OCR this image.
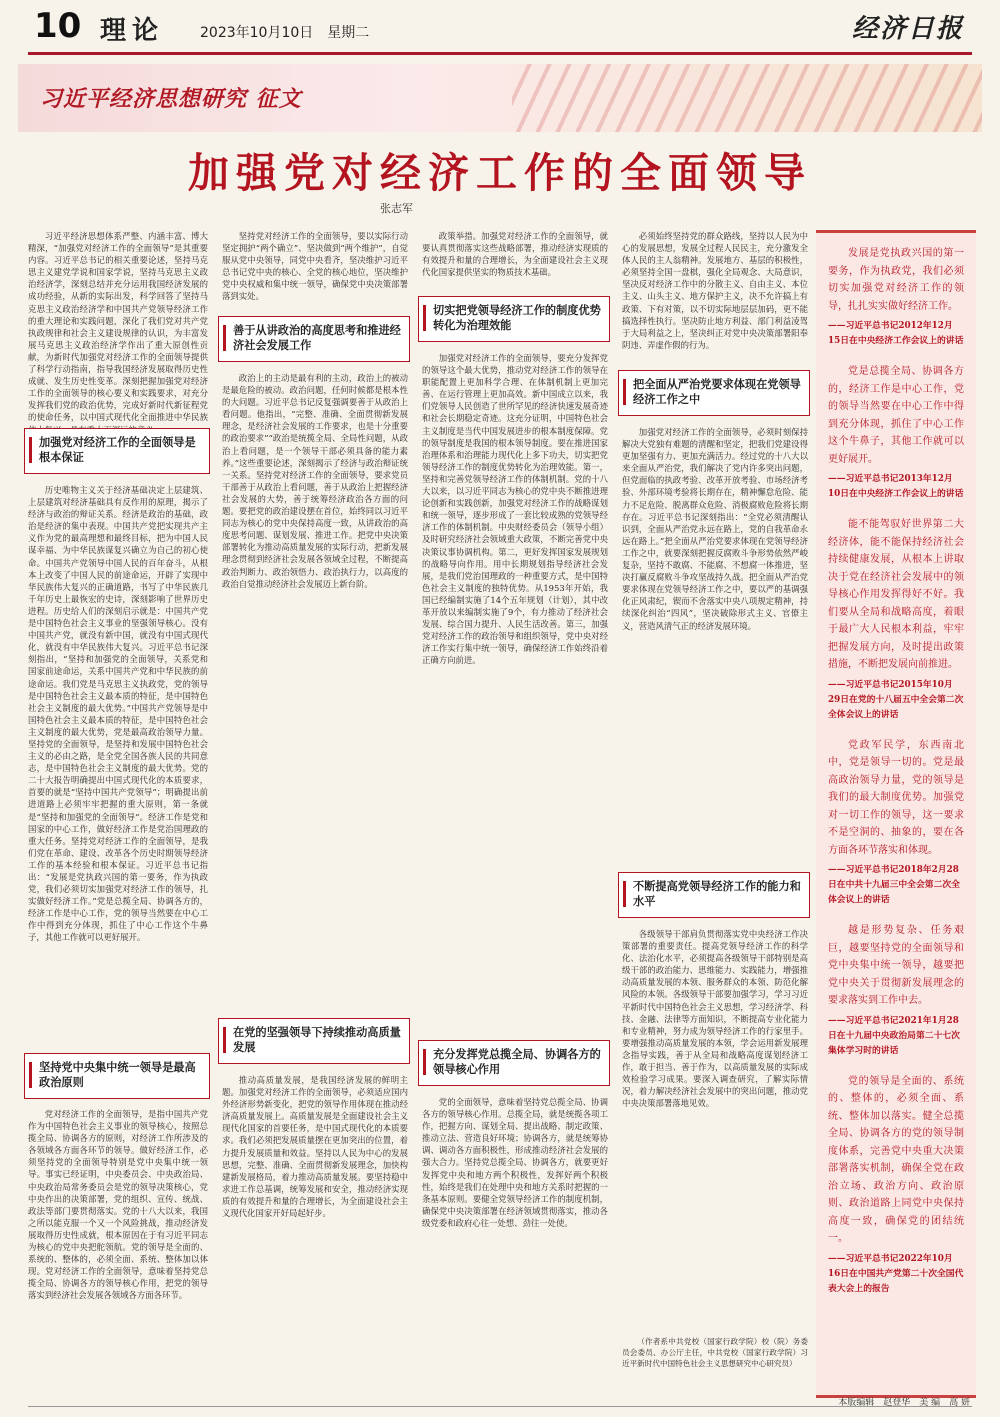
10 理论	2023年10月10日　星期二	经济日报
习近平经济思想研究 征文
加强党对经济工作的全面领导
张志军

习近平经济思想体系严整、内涵丰富、博大精深，“加强党对经济工作的全面领导”是其重要内容。习近平总书记的相关重要论述，坚持马克思主义建党学说和国家学说，坚持马克思主义政治经济学，深刻总结并充分运用我国经济发展的成功经验，从新的实际出发，科学回答了坚持马克思主义政治经济学和中国共产党领导经济工作的重大理论和实践问题，深化了我们党对共产党执政规律和社会主义建设规律的认识，为丰富发展马克思主义政治经济学作出了重大原创性贡献，为新时代加强党对经济工作的全面领导提供了科学行动指南，指导我国经济发展取得历史性成就、发生历史性变革。深刻把握加强党对经济工作的全面领导的核心要义和实践要求，对充分发挥我们党的政治优势，完成好新时代新征程党的使命任务，以中国式现代化全面推进中华民族

加强党对经济工作的全面领导是根本保证

历史唯物主义关于经济基础决定上层建筑、上层建筑对经济基础具有反作用的原理，揭示了经济与政治的辩证关系。经济是政治的基础，政治是经济的集中表现。中国共产党把实现共产主义作为党的最高理想和最终目标，把为中国人民谋幸福、为中华民族谋复兴确立为自己的初心使命。中国共产党领导中国人民的百年奋斗，从根本上改变了中国人民的前途命运，开辟了实现中华民族伟大复兴的正确道路，书写了中华民族几千年历史上最恢宏的史诗，深刻影响了世界历史进程。历史给人们的深刻启示就是：中国共产党是中国特色社会主义事业的坚强领导核心。没有中国共产党，就没有新中国，就没有中国式现代化，就没有中华民族伟大复兴。习近平总书记深刻指出，“坚持和加强党的全面领导，关系党和国家前途命运，关系中国共产党和中华民族的前途命运。我们党是马克思主义执政党，党的领导是中国特色社会主义最本质的特征，是中国特色社会主义制度的最大优势。”中国共产党领导是中国特色社会主义最本质的特征，是中国特色社会主义制度的最大优势，党是最高政治领导力量。坚持党的全面领导，是坚持和发展中国特色社会主义的必由之路，是全党全国各族人民的共同意志，是中国特色社会主义制度的最大优势。党的二十大报告明确提出中国式现代化的本质要求，首要的就是“坚持中国共产党领导”；明确提出前进道路上必须牢牢把握的重大原则，第一条就是“坚持和加强党的全面领导”。经济工作是党和国家的中心工作，做好经济工作是党治国理政的重大任务。坚持党对经济工作的全面领导，是我们党在革命、建设、改革各个历史时期领导经济工作的基本经验和根本保证。习近平总书记指出：“发展是党执政兴国的第一要务，作为执政党，我们必须切实加强党对经济工作的领导，扎实做好经济工作。”党是总揽全局、协调各方的，经济工作是中心工作，党的领导当然要在中心工作中得到充分体现，抓住了中心工作这个牛鼻子，其他工作就可以更好展开。

坚持党中央集中统一领导是最高政治原则

党对经济工作的全面领导，是指中国共产党作为中国特色社会主义事业的领导核心，按照总揽全局、协调各方的原则，对经济工作所涉及的各领域各方面各环节的领导。做好经济工作，必须坚持党的全面领导特别是党中央集中统一领导。事实已经证明，中央委员会、中央政治局、中央政治局常务委员会是党的领导决策核心，党中央作出的决策部署，党的组织、宣传、统战、政法等部门要贯彻落实。党的十八大以来，我国之所以能克服一个又一个风险挑战，推动经济发展取得历史性成就，根本原因在于有习近平同志为核心的党中央把舵领航。党的领导是全面的、系统的、整体的，必须全面、系统、整体加以体现。党对经济工作的全面领导，意味着坚持党总揽全局、协调各方的领导核心作用，把党的领导落实到经济社会发展各领域各方面各环节。

坚持党对经济工作的全面领导，要以实际行动坚定拥护“两个确立”、坚决做到“两个维护”，自觉服从党中央领导，同党中央看齐，坚决维护习近平总书记党中央的核心、全党的核心地位，坚决维护党中央权威和集中统一领导，确保党中央决策部署落到实处。

善于从讲政治的高度思考和推进经济社会发展工作

政治上的主动是最有利的主动，政治上的被动是最危险的被动。政治问题，任何时候都是根本性的大问题。习近平总书记反复强调要善于从政治上看问题。他指出，“完整、准确、全面贯彻新发展理念，是经济社会发展的工作要求，也是十分重要的政治要求”“政治是统揽全局、全局性问题，从政治上看问题，是一个领导干部必须具备的能力素养。”这些重要论述，深刻揭示了经济与政治辩证统一关系。坚持党对经济工作的全面领导，要求党员干部善于从政治上看问题，善于从政治上把握经济社会发展的大势，善于统筹经济政治各方面的问题。要把党的政治建设摆在首位，始终同以习近平同志为核心的党中央保持高度一致，从讲政治的高度思考问题、谋划发展、推进工作。把党中央决策部署转化为推动高质量发展的实际行动，把新发展理念贯彻到经济社会发展各领域全过程，不断提高政治判断力、政治领悟力、政治执行力，以高度的政治自觉推动经济社会发展迈上新台阶。

在党的坚强领导下持续推动高质量发展

推动高质量发展，是我国经济发展的鲜明主题。加强党对经济工作的全面领导，必须适应国内外经济形势新变化，把党的领导作用体现在推动经济高质量发展上。高质量发展是全面建设社会主义现代化国家的首要任务，是中国式现代化的本质要求。我们必须把发展质量摆在更加突出的位置，着力提升发展质量和效益。坚持以人民为中心的发展思想，完整、准确、全面贯彻新发展理念，加快构建新发展格局，着力推动高质量发展。要坚持稳中求进工作总基调，统筹发展和安全，推动经济实现质的有效提升和量的合理增长，为全面建设社会主义现代化国家开好局起好步。

政策举措。加强党对经济工作的全面领导，就要认真贯彻落实这些战略部署，推动经济实现质的有效提升和量的合理增长，为全面建设社会主义现代化国家提供坚实的物质技术基础。

切实把党领导经济工作的制度优势转化为治理效能

加强党对经济工作的全面领导，要充分发挥党的领导这个最大优势，推动党对经济工作的领导在职能配置上更加科学合理、在体制机制上更加完善、在运行管理上更加高效。新中国成立以来，我们党领导人民创造了世所罕见的经济快速发展奇迹和社会长期稳定奇迹。这充分证明，中国特色社会主义制度是当代中国发展进步的根本制度保障。党的领导制度是我国的根本领导制度。要在推进国家治理体系和治理能力现代化上多下功夫，切实把党领导经济工作的制度优势转化为治理效能。第一，坚持和完善党领导经济工作的体制机制。党的十八大以来，以习近平同志为核心的党中央不断推进理论创新和实践创新，加强党对经济工作的战略谋划和统一领导，逐步形成了一套比较成熟的党领导经济工作的体制机制。中央财经委员会（领导小组）及时研究经济社会领域重大政策，不断完善党中央决策议事协调机构。第二，更好发挥国家发展规划的战略导向作用。用中长期规划指导经济社会发展，是我们党治国理政的一种重要方式，是中国特色社会主义制度的独特优势。从1953年开始，我国已经编制实施了14个五年规划（计划），其中改革开放以来编制实施了9个，有力推动了经济社会发展、综合国力提升、人民生活改善。第三，加强党对经济工作的政治领导和组织领导，党中央对经济工作实行集中统一领导，确保经济工作始终沿着正确方向前进。

充分发挥党总揽全局、协调各方的领导核心作用

党的全面领导，意味着坚持党总揽全局、协调各方的领导核心作用。总揽全局，就是统揽各项工作，把握方向、谋划全局、提出战略、制定政策、推动立法、营造良好环境；协调各方，就是统筹协调、调动各方面积极性，形成推动经济社会发展的强大合力。坚持党总揽全局、协调各方，就要更好发挥党中央和地方两个积极性，发挥好两个积极性，始终是我们在处理中央和地方关系时把握的一条基本原则。要健全党领导经济工作的制度机制，确保党中央决策部署在经济领域贯彻落实，推动各级党委和政府心往一处想、劲往一处使。

必须始终坚持党的群众路线，坚持以人民为中心的发展思想，发展全过程人民民主，充分激发全体人民的主人翁精神。发展地方、基层的积极性，必须坚持全国一盘棋，强化全局观念、大局意识，坚决反对经济工作中的分散主义、自由主义、本位主义、山头主义、地方保护主义，决不允许搞上有政策、下有对策，以不切实际地层层加码，更不能搞选择性执行。坚决防止地方利益、部门利益凌驾于大局利益之上，坚决纠正对党中央决策部署阳奉阴违、弄虚作假的行为。

把全面从严治党要求体现在党领导经济工作之中

加强党对经济工作的全面领导，必须时刻保持解决大党独有难题的清醒和坚定，把我们党建设得更加坚强有力、更加充满活力。经过党的十八大以来全面从严治党，我们解决了党内许多突出问题，但党面临的执政考验、改革开放考验、市场经济考验、外部环境考验将长期存在，精神懈怠危险、能力不足危险、脱离群众危险、消极腐败危险将长期存在。习近平总书记深刻指出：“全党必须清醒认识到，全面从严治党永远在路上，党的自我革命永远在路上。”把全面从严治党要求体现在党领导经济工作之中，就要深刻把握反腐败斗争形势依然严峻复杂，坚持不敢腐、不能腐、不想腐一体推进，坚决打赢反腐败斗争攻坚战持久战。把全面从严治党要求体现在党领导经济工作之中，要以严的基调强化正风肃纪，锲而不舍落实中央八项规定精神，持续深化纠治“四风”，坚决破除形式主义、官僚主义，营造风清气正的经济发展环境。

不断提高党领导经济工作的能力和水平

各级领导干部肩负贯彻落实党中央经济工作决策部署的重要责任。提高党领导经济工作的科学化、法治化水平，必须提高各级领导干部特别是高级干部的政治能力、思维能力、实践能力，增强推动高质量发展的本领、服务群众的本领、防范化解风险的本领。各级领导干部要加强学习，学习习近平新时代中国特色社会主义思想，学习经济学、科技、金融、法律等方面知识，不断提高专业化能力和专业精神，努力成为领导经济工作的行家里手。要增强推动高质量发展的本领，学会运用新发展理念指导实践，善于从全局和战略高度谋划经济工作，敢于担当、善于作为，以高质量发展的实际成效检验学习成果。要深入调查研究，了解实际情况，着力解决经济社会发展中的突出问题，推动党中央决策部署落地见效。

（作者系中共党校（国家行政学院）校（院）务委员会委员、办公厅主任，中共党校（国家行政学院）习近平新时代中国特色社会主义思想研究中心研究员）

发展是党执政兴国的第一要务，作为执政党，我们必须切实加强党对经济工作的领导，扎扎实实做好经济工作。
——习近平总书记2012年12月15日在中央经济工作会议上的讲话
党是总揽全局、协调各方的，经济工作是中心工作，党的领导当然要在中心工作中得到充分体现，抓住了中心工作这个牛鼻子，其他工作就可以更好展开。
——习近平总书记2013年12月10日在中央经济工作会议上的讲话
能不能驾驭好世界第二大经济体，能不能保持经济社会持续健康发展，从根本上讲取决于党在经济社会发展中的领导核心作用发挥得好不好。我们要从全局和战略高度，着眼于最广大人民根本利益，牢牢把握发展方向，及时提出政策措施，不断把发展向前推进。
——习近平总书记2015年10月29日在党的十八届五中全会第二次全体会议上的讲话
党政军民学，东西南北中，党是领导一切的。党是最高政治领导力量，党的领导是我们的最大制度优势。加强党对一切工作的领导，这一要求不是空洞的、抽象的，要在各方面各环节落实和体现。
——习近平总书记2018年2月28日在中共十九届三中全会第二次全体会议上的讲话
越是形势复杂、任务艰巨，越要坚持党的全面领导和党中央集中统一领导，越要把党中央关于贯彻新发展理念的要求落实到工作中去。
——习近平总书记2021年1月28日在十九届中央政治局第二十七次集体学习时的讲话
党的领导是全面的、系统的、整体的，必须全面、系统、整体加以落实。健全总揽全局、协调各方的党的领导制度体系，完善党中央重大决策部署落实机制，确保全党在政治立场、政治方向、政治原则、政治道路上同党中央保持高度一致，确保党的团结统一。
——习近平总书记2022年10月16日在中国共产党第二十次全国代表大会上的报告
本版编辑　赵登华　美 编　高 妍
